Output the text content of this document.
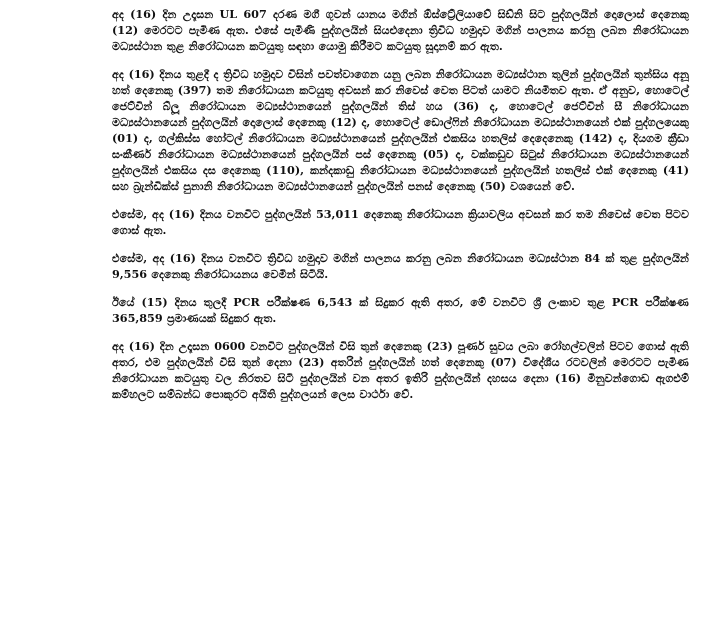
අද (16) දින උදෑසන UL 607 දරණ මගී ගුවන් යානය මගින් ඕස්ට්‍රේලියාවේ සිඩ්නි සිට පුද්ගලයින් දොලොස් දෙනෙකු (12) මෙරටට පැමිණ ඇත. එසේ පැමිණි පුද්ගලයින් සියළුදෙනා ත්‍රිවිධ හමුදාව මගින් පාලනය කරනු ලබන නිරෝධායන මධ්‍යස්ථාන තුළ නිරෝධායන කටයුතු සඳහා යොමු කිරීමට කටයුතු සූදානම් කර ඇත.

අද (16) දිනය තුළදී ද ත්‍රිවිධ හමුදාව විසින් පවත්වාගෙන යනු ලබන නිරෝධායන මධ්‍යස්ථාන තුලින් පුද්ගලයින් තුන්සිය අනූ හත් දෙනෙකු (397) තම නිරෝධායන කටයුතු අවසන් කර නිවෙස් වෙත පිටත් යාමට නියමිතව ඇත. ඒ අනුව, හොටෙල් ජෙට්වින් බ්ලූ නිරෝධායන මධ්‍යස්ථානයෙන් පුද්ගලයින් තිස් හය (36) ද, හොටෙල් ජෙට්වින් සී නිරෝධායන මධ්‍යස්ථානයෙන් පුද්ගලයින් දොලොස් දෙනෙකු (12) ද, හොටෙල් ඩොල්ෆින් නිරෝධායන මධ්‍යස්ථානයෙන් එක් පුද්ගලයෙකු (01) ද, ගල්කිස්ස හෝටල් නිරෝධායන මධ්‍යස්ථානයෙන් පුද්ගලයින් එකසිය හතලිස් දෙදෙනෙකු (142) ද, දියගම ක්‍රීඩා සංකීර්ණ නිරෝධායන මධ්‍යස්ථානයෙන් පුද්ගලයින් පස් දෙනෙකු (05) ද, වක්කඩුව සිටුස් නිරෝධායන මධ්‍යස්ථානයෙන් පුද්ගලයින් එකසිය දස දෙනෙකු (110), කන්දකාඩු නිරෝධායන මධ්‍යස්ථානයෙන් පුද්ගලයින් හතලිස් එක් දෙනෙකු (41) සහ බ්‍රැන්ඩික්ස් පුනානි නිරෝධායන මධ්‍යස්ථානයෙන් පුද්ගලයින් පනස් දෙනෙකු (50) වශයෙන් වේ.

එසේම, අද (16) දිනය වනවිට පුද්ගලයින් 53,011 දෙනෙකු නිරෝධායන ක්‍රියාවලිය අවසන් කර තම නිවෙස් වෙත පිටව ගොස් ඇත.

එසේම, අද (16) දිනය වනවිට ත්‍රිවිධ හමුදාව මගින් පාලනය කරනු ලබන නිරෝධායන මධ්‍යස්ථාන 84 ක් තුළ පුද්ගලයින් 9,556 දෙනෙකු නිරෝධායනය වෙමින් සිටියි.

ඊයේ (15) දිනය තුලදී PCR පරීක්ෂණ 6,543 ක් සිදුකර ඇති අතර, මේ වනවිට ශ්‍රී ලංකාව තුළ PCR පරීක්ෂණ 365,859 ප්‍රමාණයක් සිදුකර ඇත.

අද (16) දින උදෑසන 0600 වනවිට පුද්ගලයින් විසි තුන් දෙනෙකු (23) පූර්ණ සුවය ලබා රෝහල්වලින් පිටව ගොස් ඇති අතර, එම පුද්ගලයින් විසි තුන් දෙනා (23) අතරින් පුද්ගලයින් හත් දෙනෙකු (07) විදේශීය රටවලින් මෙරටට පැමිණ නිරෝධායන කටයුතු වල නිරතව සිටි පුද්ගලයින් වන අතර ඉතිරි පුද්ගලයින් දහසය දෙනා (16) මිනුවන්ගොඩ ඇගළුම් කම්හලට සම්බන්ධ පොකුරට අයිති පුද්ගලයන් ලෙස වාර්ථා වේ.
